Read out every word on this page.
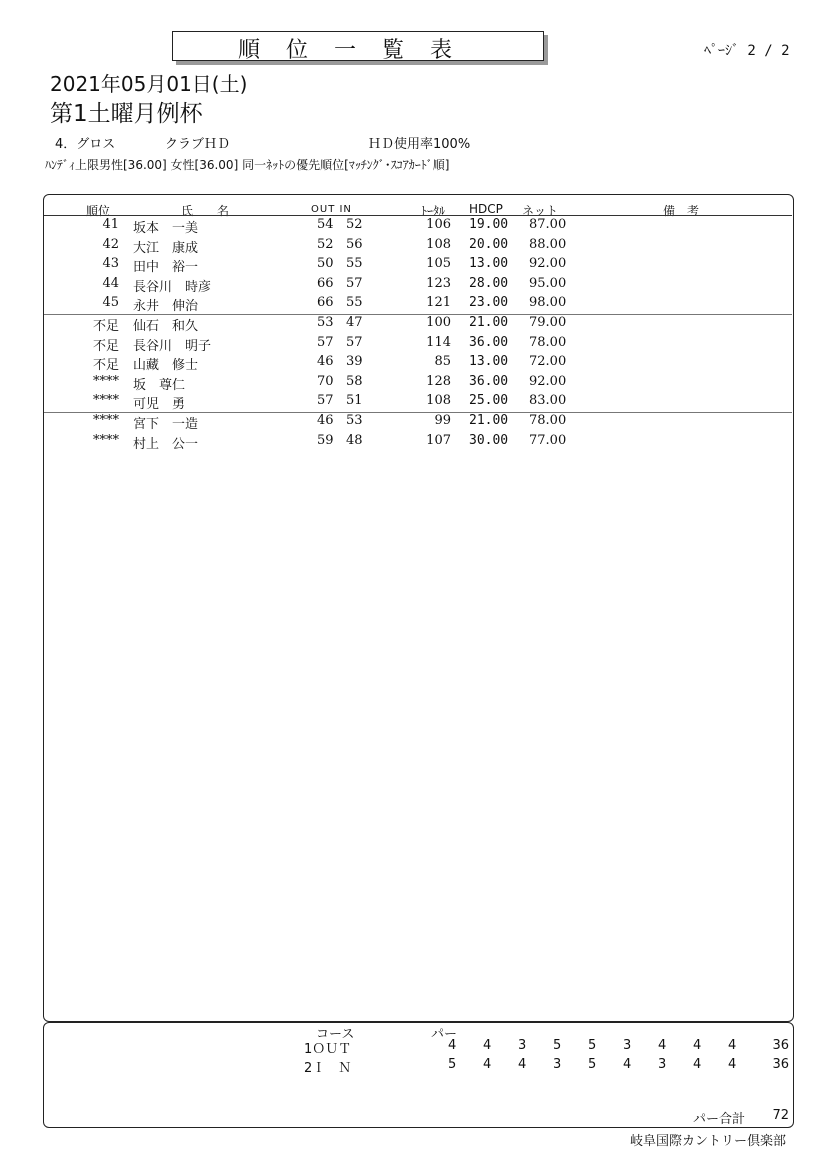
順位一覧表	ﾍﾟｰｼﾞ 2 / 2
2021年05月01日(土)
第1土曜月例杯
4．グロス	クラブＨＤ	ＨＤ使用率100%
ﾊﾝﾃﾞｨ上限男性[36.00] 女性[36.00] 同一ﾈｯﾄの優先順位[ﾏｯﾁﾝｸﾞ･ｽｺｱｶｰﾄﾞ順]
順位	氏　　名	OUT IN	ﾄｰﾀﾙ HDCP ネット	備　考
41 坂本　一美	54 52	106 19.00 87.00
42 大江　康成	52 56	108 20.00 88.00
43 田中　裕一	50 55	105 13.00 92.00
44 長谷川　時彦	66 57	123 28.00 95.00
45 永井　伸治	66 55	121 23.00 98.00
不足 仙石　和久	53 47	100 21.00 79.00
不足 長谷川　明子	57 57	114 36.00 78.00
不足 山藏　修士	46 39	85 13.00 72.00
**** 坂　尊仁	70 58	128 36.00 92.00
**** 可児　勇	57 51	108 25.00 83.00
**** 宮下　一造	46 53	99 21.00 78.00
**** 村上　公一	59 48	107 30.00 77.00
コース	パー
1ＯＵＴ	4 4 3 5 5 3 4 4 4	36
2Ｉ　Ｎ	5 4 4 3 5 4 3 4 4	36
パー合計 72
岐阜国際カントリー倶楽部
